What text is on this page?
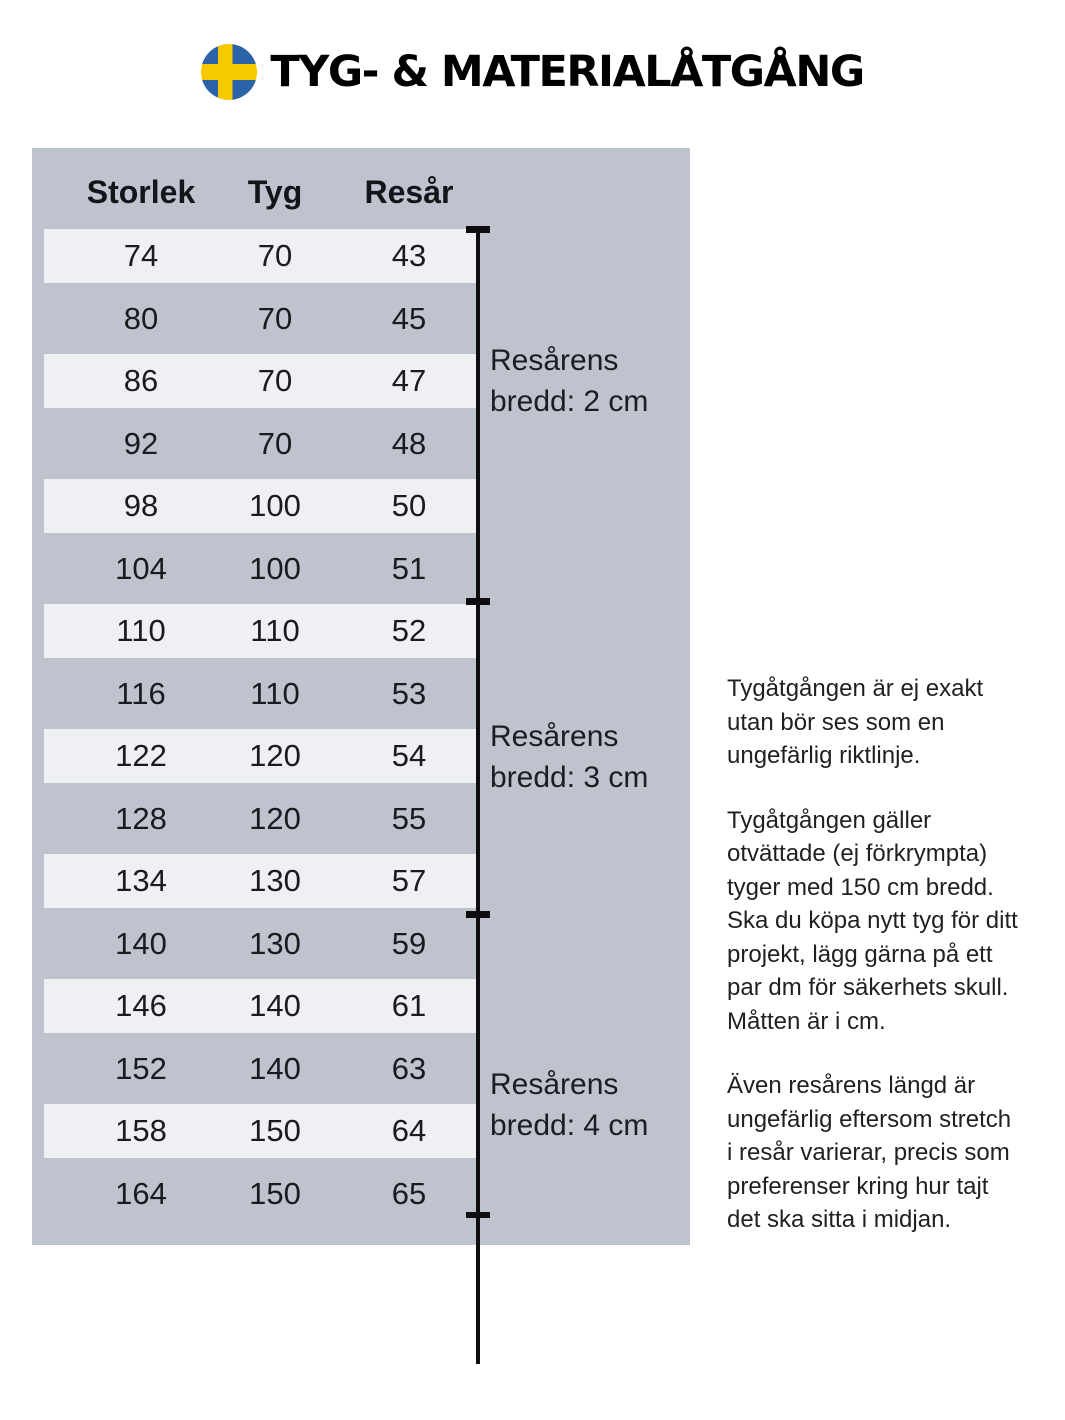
TYG- & MATERIALÅTGÅNG
Storlek	Tyg	Resår
74	70	43
80	70	45
86	70	47
92	70	48
98	100	50
104	100	51
110	110	52
116	110	53
122	120	54
128	120	55
134	130	57
140	130	59
146	140	61
152	140	63
158	150	64
164	150	65
Resårens bredd: 2 cm
Resårens bredd: 3 cm
Resårens bredd: 4 cm

Tygåtgången är ej exakt utan bör ses som en ungefärlig riktlinje.

Tygåtgången gäller otvättade (ej förkrympta) tyger med 150 cm bredd. Ska du köpa nytt tyg för ditt projekt, lägg gärna på ett par dm för säkerhets skull. Måtten är i cm.

Även resårens längd är ungefärlig eftersom stretch i resår varierar, precis som preferenser kring hur tajt det ska sitta i midjan.
